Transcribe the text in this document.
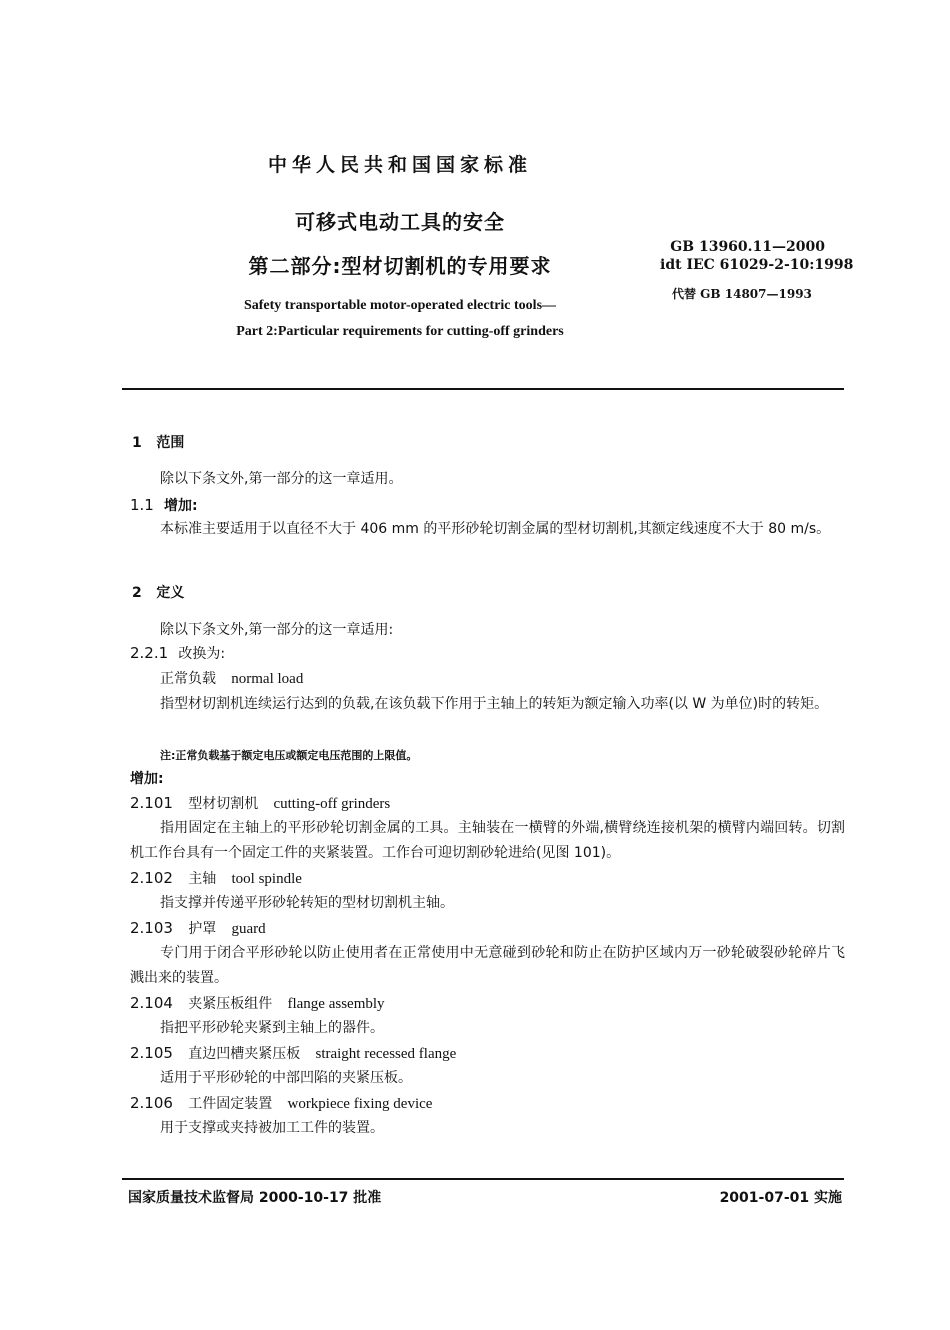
中华人民共和国国家标准
可移式电动工具的安全
第二部分:型材切割机的专用要求
GB 13960.11—2000
idt IEC 61029-2-10:1998
代替 GB 14807—1993
Safety transportable motor-operated electric tools—
Part 2:Particular requirements for cutting-off grinders
1 范围
除以下条文外,第一部分的这一章适用。
1.1 增加:
本标准主要适用于以直径不大于 406 mm 的平形砂轮切割金属的型材切割机,其额定线速度不大于 80 m/s。
2 定义
除以下条文外,第一部分的这一章适用:
2.2.1 改换为:
正常负载 normal load
指型材切割机连续运行达到的负载,在该负载下作用于主轴上的转矩为额定输入功率(以 W 为单位)时的转矩。
注:正常负载基于额定电压或额定电压范围的上限值。
增加:
2.101 型材切割机 cutting-off grinders
指用固定在主轴上的平形砂轮切割金属的工具。主轴装在一横臂的外端,横臂绕连接机架的横臂内端回转。切割机工作台具有一个固定工件的夹紧装置。工作台可迎切割砂轮进给(见图 101)。
2.102 主轴 tool spindle
指支撑并传递平形砂轮转矩的型材切割机主轴。
2.103 护罩 guard
专门用于闭合平形砂轮以防止使用者在正常使用中无意碰到砂轮和防止在防护区域内万一砂轮破裂砂轮碎片飞溅出来的装置。
2.104 夹紧压板组件 flange assembly
指把平形砂轮夹紧到主轴上的器件。
2.105 直边凹槽夹紧压板 straight recessed flange
适用于平形砂轮的中部凹陷的夹紧压板。
2.106 工件固定装置 workpiece fixing device
用于支撑或夹持被加工工件的装置。
国家质量技术监督局 2000-10-17 批准	2001-07-01 实施
